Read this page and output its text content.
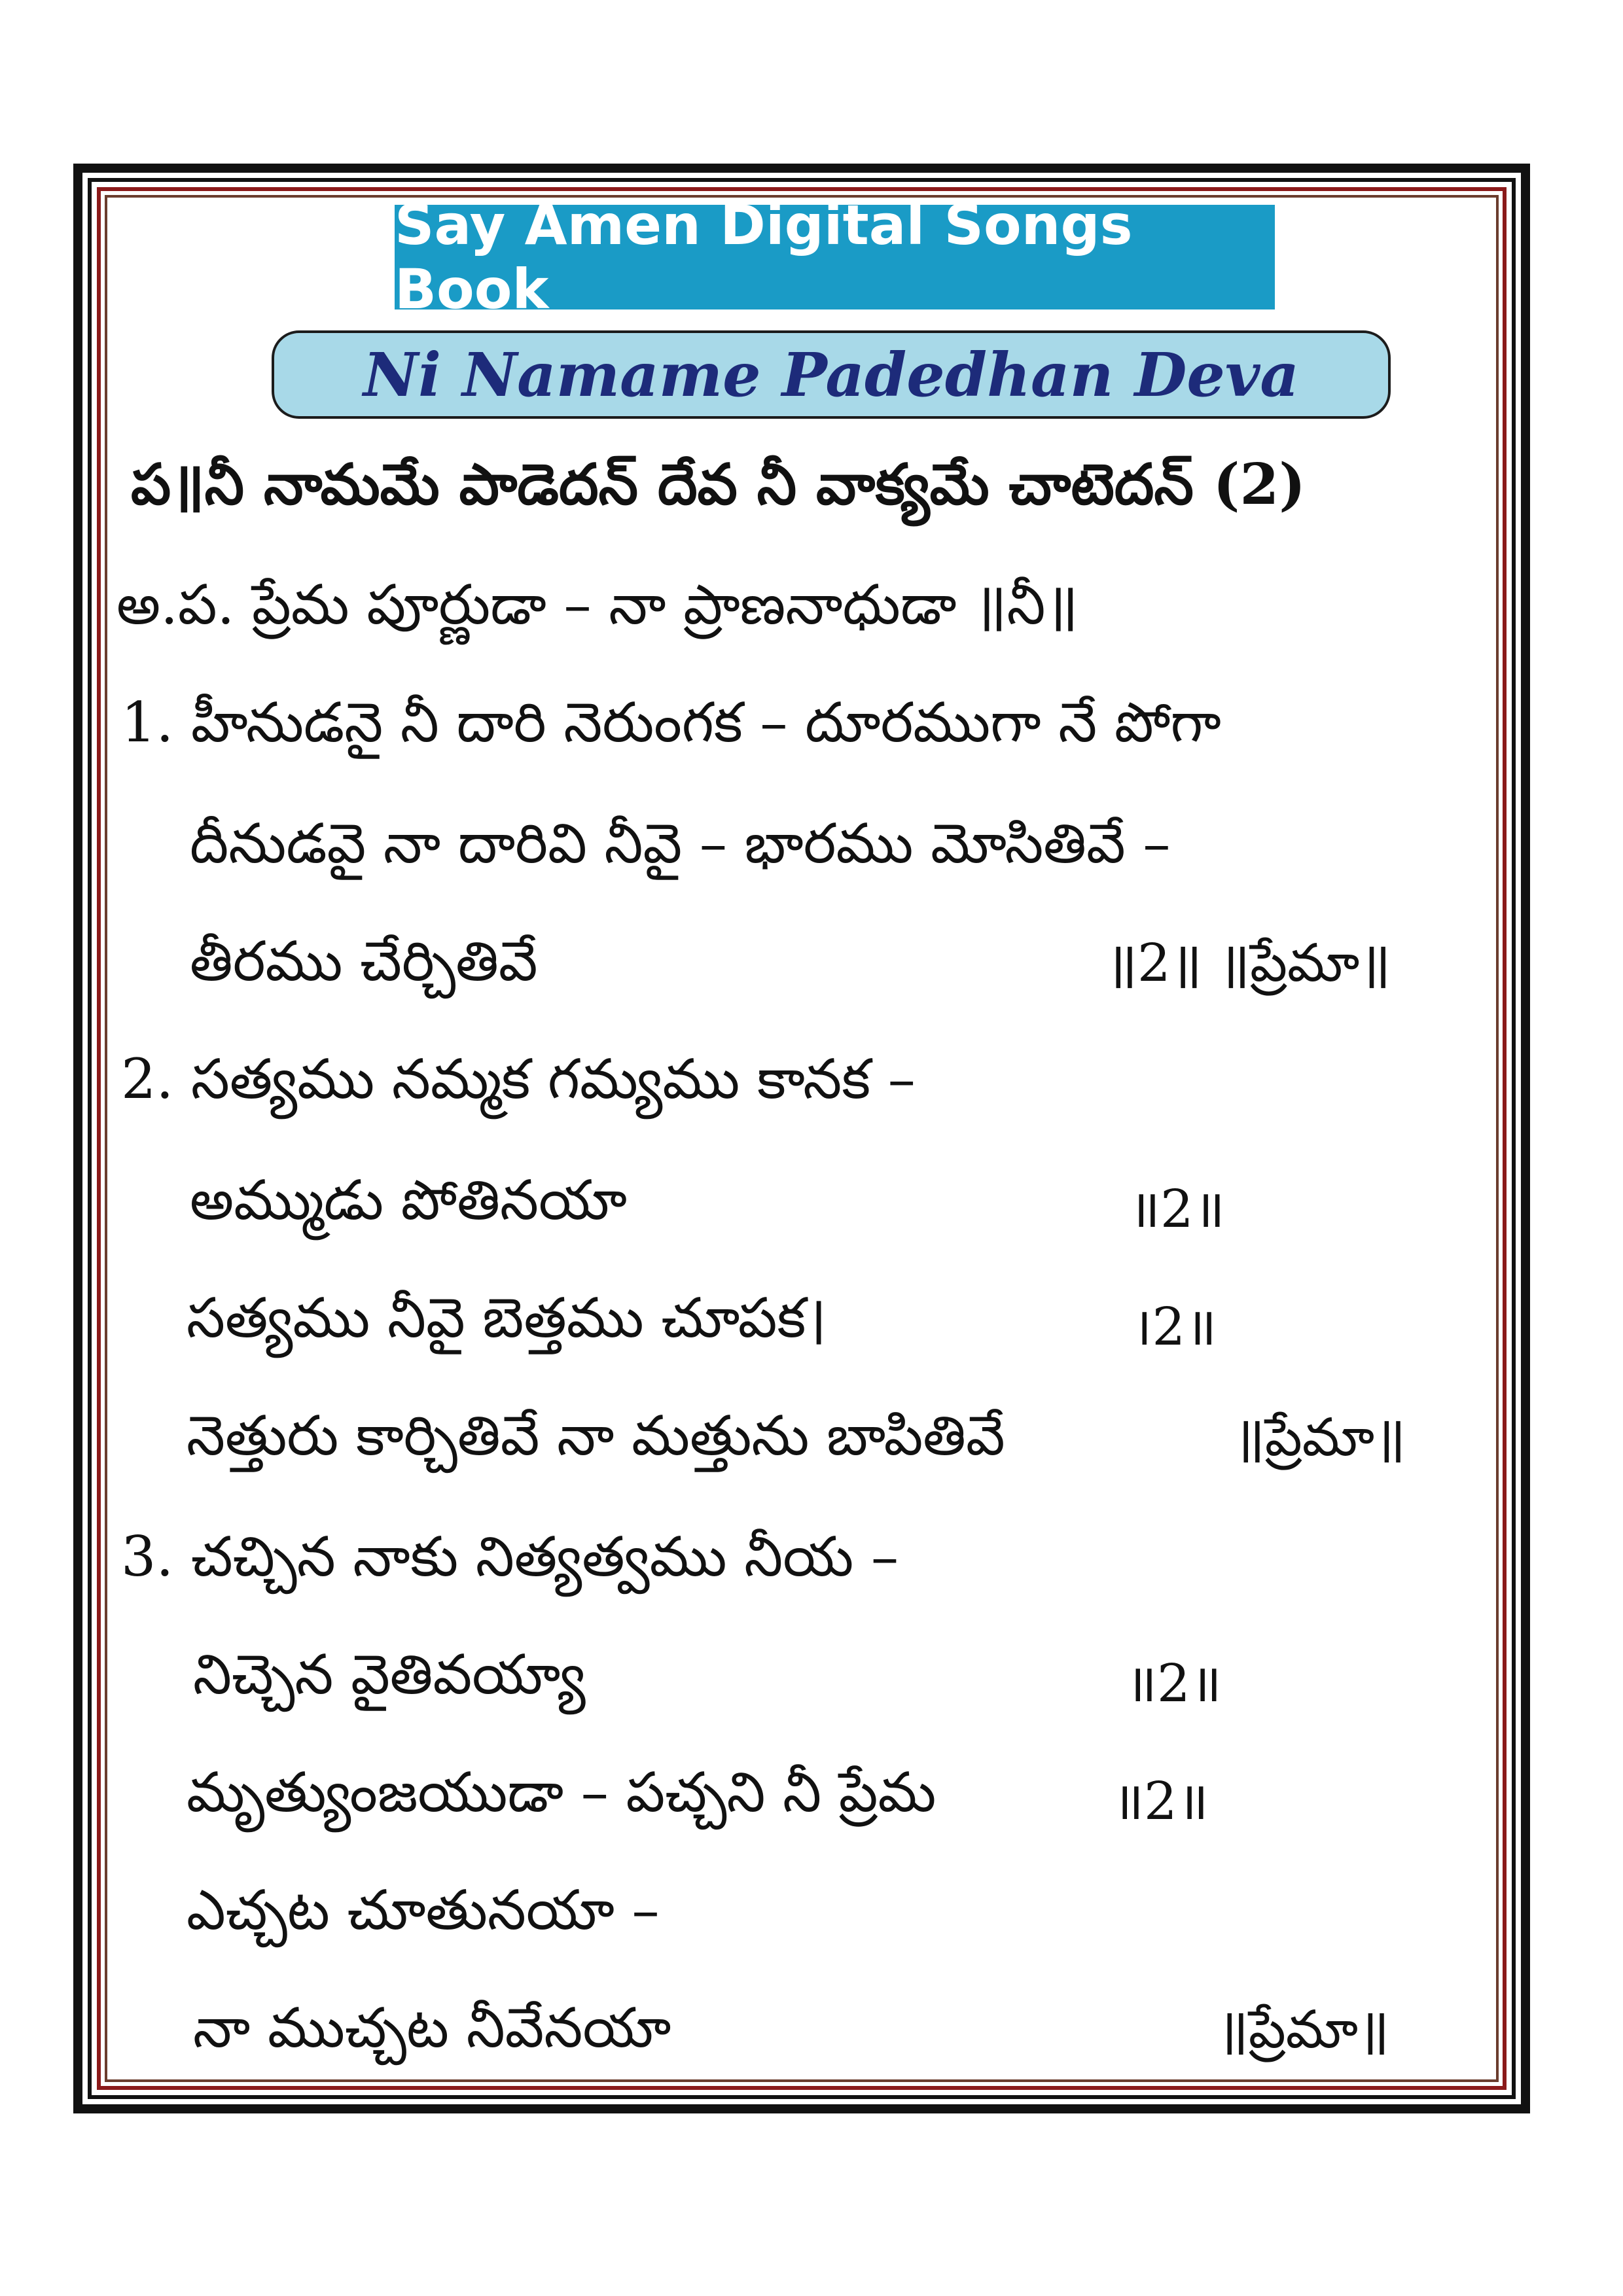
Say Amen Digital Songs Book
Ni Namame Padedhan Deva
ప॥నీ నామమే పాడెదన్ దేవ నీ వాక్యమే చాటెదన్ (2)
అ.ప. ప్రేమ పూర్ణుడా – నా ప్రాణనాధుడా ॥నీ॥
1. హీనుడనై నీ దారి నెరుంగక – దూరముగా నే పోగా
దీనుడవై నా దారివి నీవై – భారము మోసితివే –
తీరము చేర్చితివే	॥2॥ ॥ప్రేమా॥
2. సత్యము నమ్మక గమ్యము కానక –
అమ్ముడు పోతినయా	॥2॥
సత్యము నీవై బెత్తము చూపక।	।2॥
నెత్తురు కార్చితివే నా మత్తును బాపితివే	॥ప్రేమా॥
3. చచ్చిన నాకు నిత్యత్వము నీయ –
నిచ్చెన వైతివయ్యా	॥2॥
మృత్యుంజయుడా – పచ్చని నీ ప్రేమ	॥2॥
ఎచ్చట చూతునయా –
నా ముచ్చట నీవేనయా	॥ప్రేమా॥
